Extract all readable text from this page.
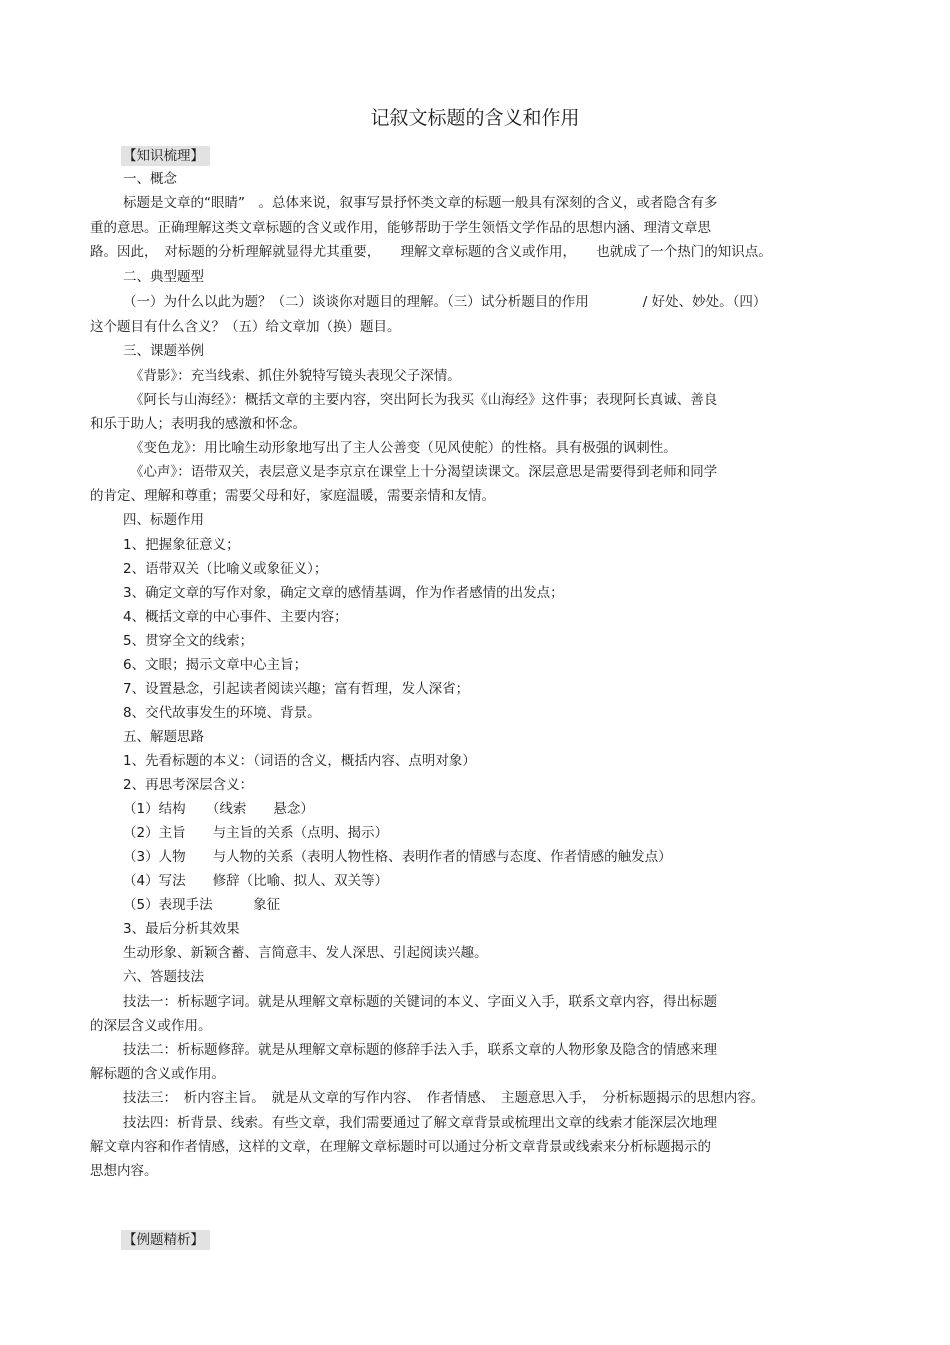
记叙文标题的含义和作用
【知识梳理】
一、概念
标题是文章的“眼睛”　。总体来说，叙事写景抒怀类文章的标题一般具有深刻的含义，或者隐含有多
重的意思。正确理解这类文章标题的含义或作用，能够帮助于学生领悟文学作品的思想内涵、理清文章思
路。因此，　对标题的分析理解就显得尤其重要，　　理解文章标题的含义或作用，　　也就成了一个热门的知识点。
二、典型题型
（一）为什么以此为题？（二）谈谈你对题目的理解。（三）试分析题目的作用　　　　/ 好处、妙处。（四）
这个题目有什么含义？（五）给文章加（换）题目。
三、课题举例
《背影》：充当线索、抓住外貌特写镜头表现父子深情。
《阿长与山海经》：概括文章的主要内容，突出阿长为我买《山海经》这件事；表现阿长真诚、善良
和乐于助人；表明我的感激和怀念。
《变色龙》：用比喻生动形象地写出了主人公善变（见风使舵）的性格。具有极强的讽刺性。
《心声》：语带双关，表层意义是李京京在课堂上十分渴望读课文。深层意思是需要得到老师和同学
的肯定、理解和尊重；需要父母和好，家庭温暖，需要亲情和友情。
四、标题作用
1、把握象征意义；
2、语带双关（比喻义或象征义）；
3、确定文章的写作对象，确定文章的感情基调，作为作者感情的出发点；
4、概括文章的中心事件、主要内容；
5、贯穿全文的线索；
6、文眼；揭示文章中心主旨；
7、设置悬念，引起读者阅读兴趣；富有哲理，发人深省；
8、交代故事发生的环境、背景。
五、解题思路
1、先看标题的本义：（词语的含义，概括内容、点明对象）
2、再思考深层含义：
（1）结构　　（线索　　悬念）
（2）主旨　　与主旨的关系（点明、揭示）
（3）人物　　与人物的关系（表明人物性格、表明作者的情感与态度、作者情感的触发点）
（4）写法　　修辞（比喻、拟人、双关等）
（5）表现手法　　　象征
3、最后分析其效果
生动形象、新颖含蓄、言简意丰、发人深思、引起阅读兴趣。
六、答题技法
技法一：析标题字词。就是从理解文章标题的关键词的本义、字面义入手，联系文章内容，得出标题
的深层含义或作用。
技法二：析标题修辞。就是从理解文章标题的修辞手法入手，联系文章的人物形象及隐含的情感来理
解标题的含义或作用。
技法三：　析内容主旨。　就是从文章的写作内容、　作者情感、　主题意思入手，　分析标题揭示的思想内容。
技法四：析背景、线索。有些文章，我们需要通过了解文章背景或梳理出文章的线索才能深层次地理
解文章内容和作者情感，这样的文章，在理解文章标题时可以通过分析文章背景或线索来分析标题揭示的
思想内容。
【例题精析】
